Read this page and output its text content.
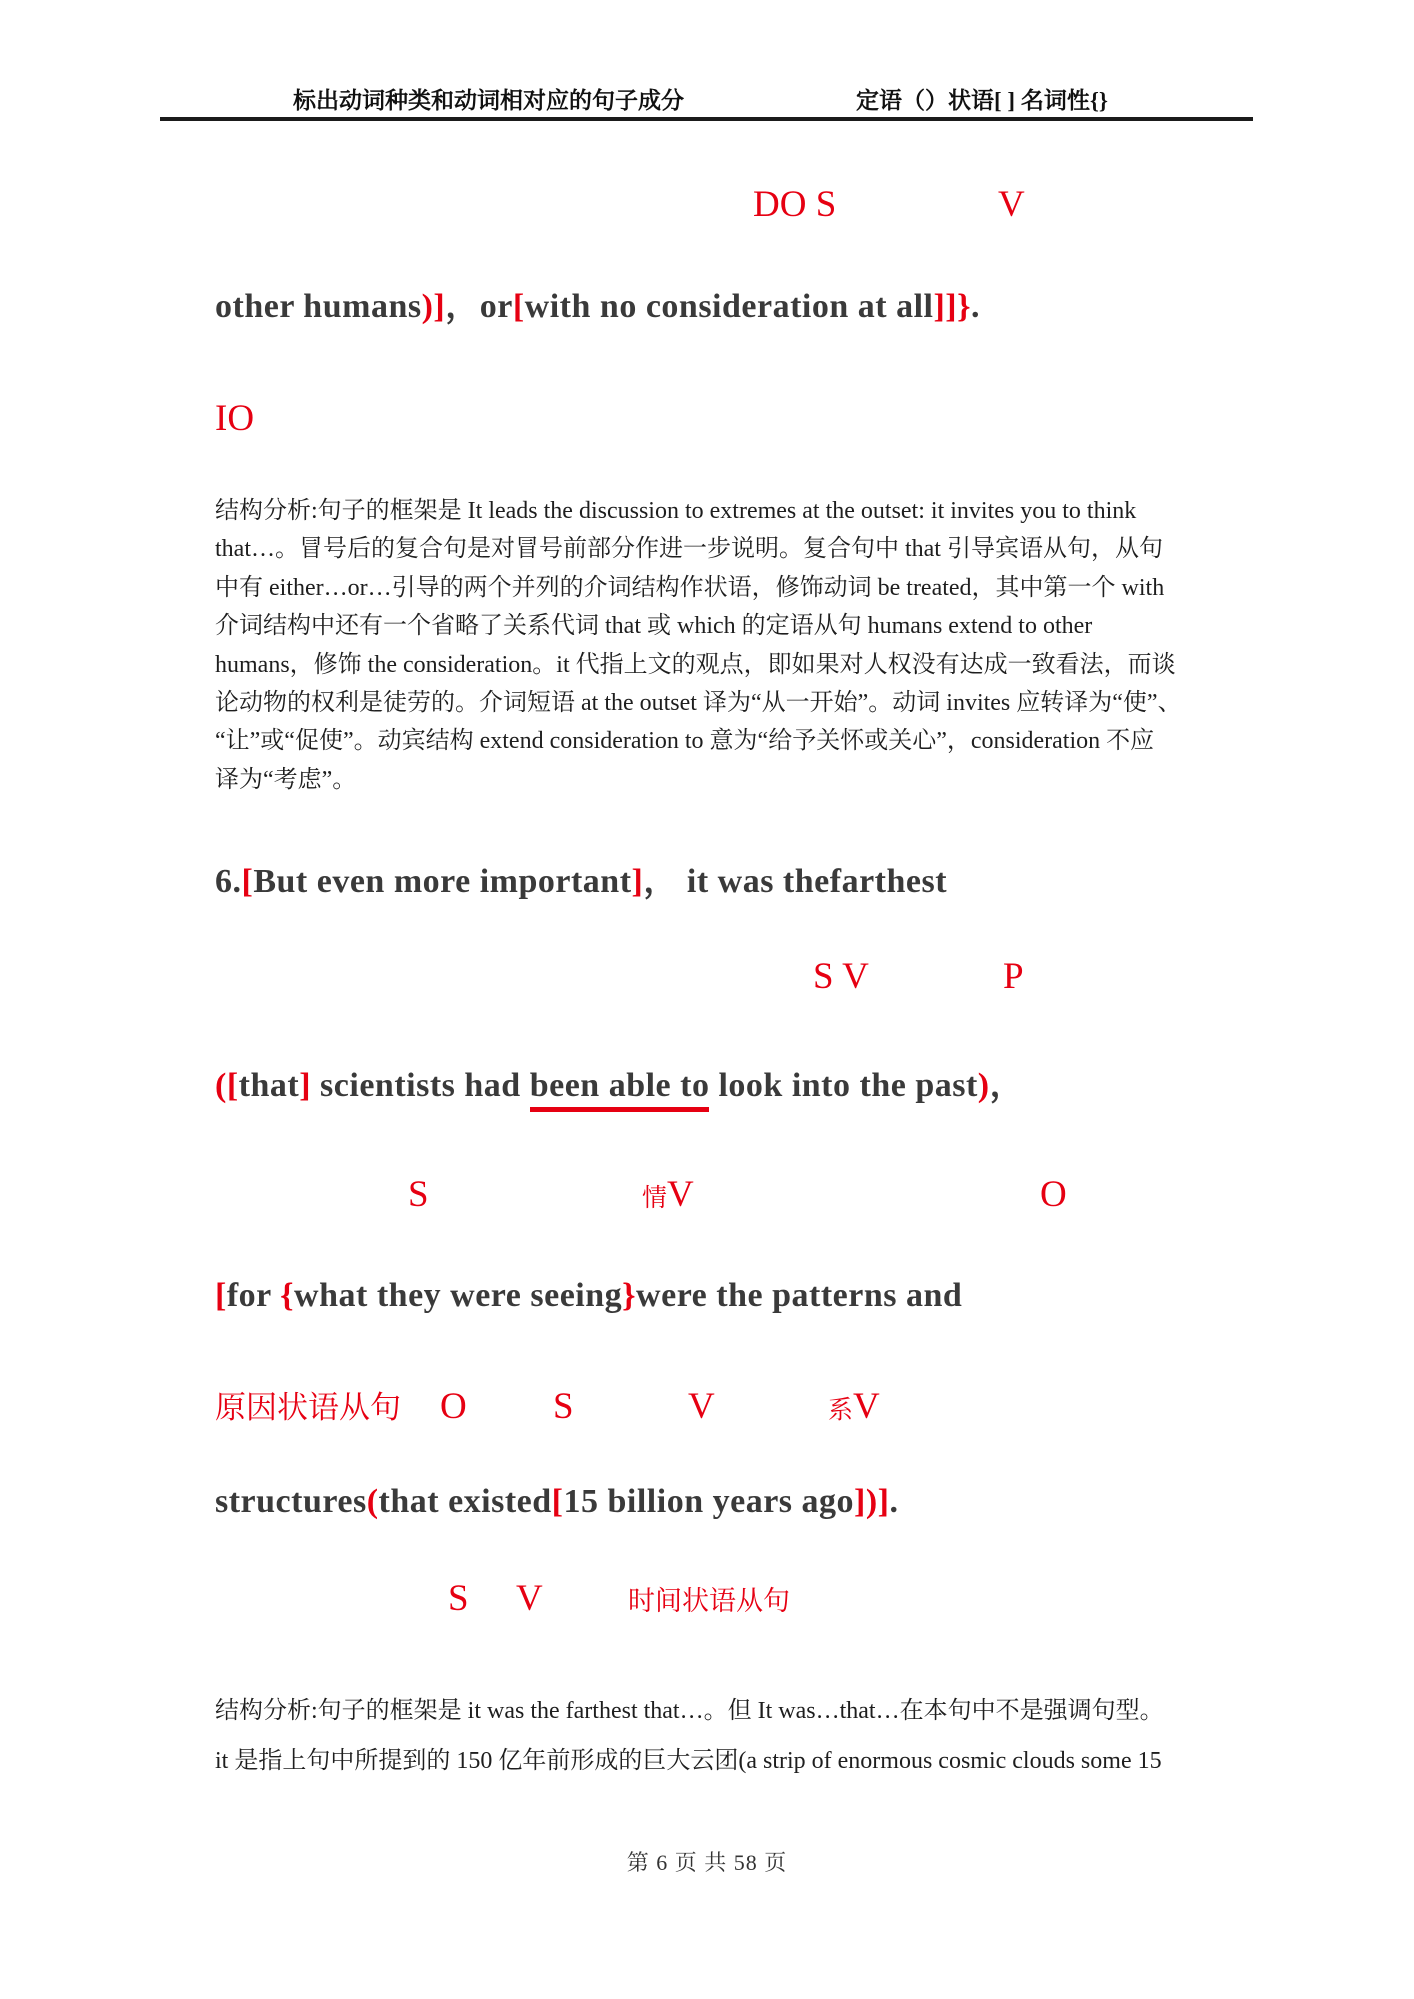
标出动词种类和动词相对应的句子成分	定语（）状语[ ] 名词性{}
DO S	V
other humans)]，or[with no consideration at all]]}.
IO
结构分析:句子的框架是 It leads the discussion to extremes at the outset: it invites you to think
that…。冒号后的复合句是对冒号前部分作进一步说明。复合句中 that 引导宾语从句，从句
中有 either…or…引导的两个并列的介词结构作状语，修饰动词 be treated，其中第一个 with
介词结构中还有一个省略了关系代词 that 或 which 的定语从句 humans extend to other
humans，修饰 the consideration。it 代指上文的观点，即如果对人权没有达成一致看法，而谈
论动物的权利是徒劳的。介词短语 at the outset 译为“从一开始”。动词 invites 应转译为“使”、
“让”或“促使”。动宾结构 extend consideration to 意为“给予关怀或关心”，consideration 不应
译为“考虑”。
6.[But even more important]， it was thefarthest
S V	P
([that] scientists had been able to look into the past)，
S	情V	O
[for {what they were seeing}were the patterns and
原因状语从句 O S	V	系V
structures(that existed[15 billion years ago])].
S V	时间状语从句
结构分析:句子的框架是 it was the farthest that…。但 It was…that…在本句中不是强调句型。
it 是指上句中所提到的 150 亿年前形成的巨大云团(a strip of enormous cosmic clouds some 15
第 6 页 共 58 页
